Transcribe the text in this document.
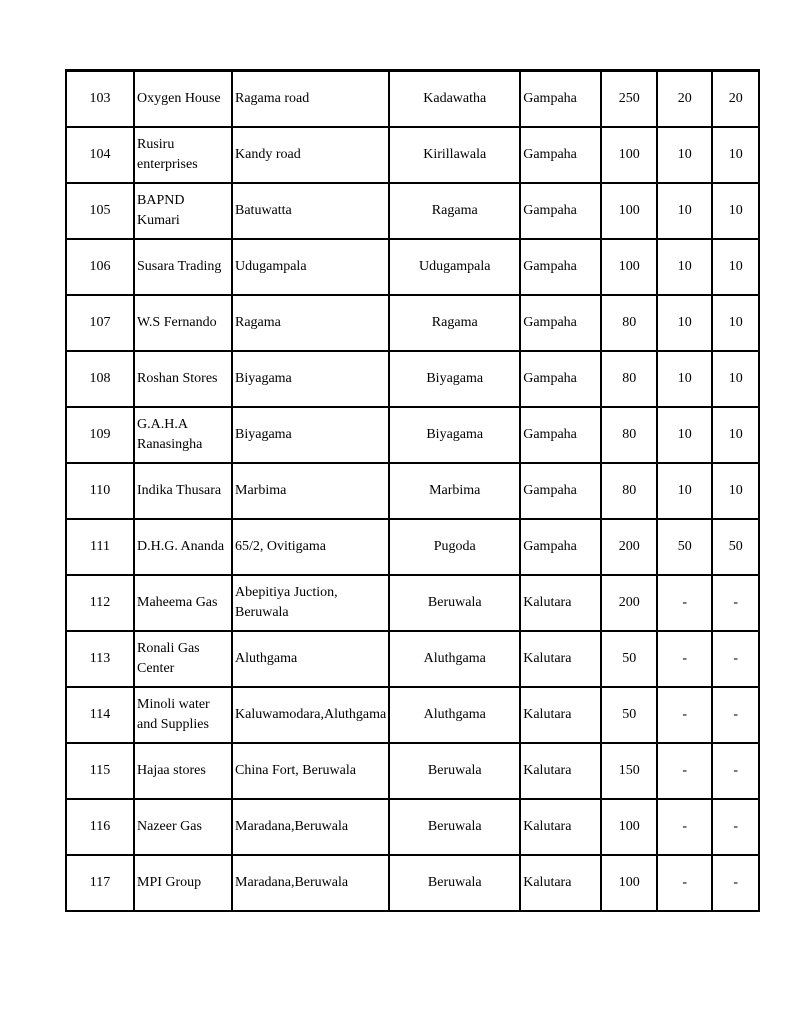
103	Oxygen House	Ragama road	Kadawatha	Gampaha	250	20	20
104	Rusiru enterprises	Kandy road	Kirillawala	Gampaha	100	10	10
105	BAPND Kumari	Batuwatta	Ragama	Gampaha	100	10	10
106	Susara Trading	Udugampala	Udugampala	Gampaha	100	10	10
107	W.S Fernando	Ragama	Ragama	Gampaha	80	10	10
108	Roshan Stores	Biyagama	Biyagama	Gampaha	80	10	10
109	G.A.H.A Ranasingha	Biyagama	Biyagama	Gampaha	80	10	10
110	Indika Thusara	Marbima	Marbima	Gampaha	80	10	10
111	D.H.G. Ananda	65/2, Ovitigama	Pugoda	Gampaha	200	50	50
112	Maheema Gas	Abepitiya Juction, Beruwala	Beruwala	Kalutara	200	-	-
113	Ronali Gas Center	Aluthgama	Aluthgama	Kalutara	50	-	-
114	Minoli water and Supplies	Kaluwamodara,Aluthgama	Aluthgama	Kalutara	50	-	-
115	Hajaa stores	China Fort, Beruwala	Beruwala	Kalutara	150	-	-
116	Nazeer Gas	Maradana,Beruwala	Beruwala	Kalutara	100	-	-
117	MPI Group	Maradana,Beruwala	Beruwala	Kalutara	100	-	-
